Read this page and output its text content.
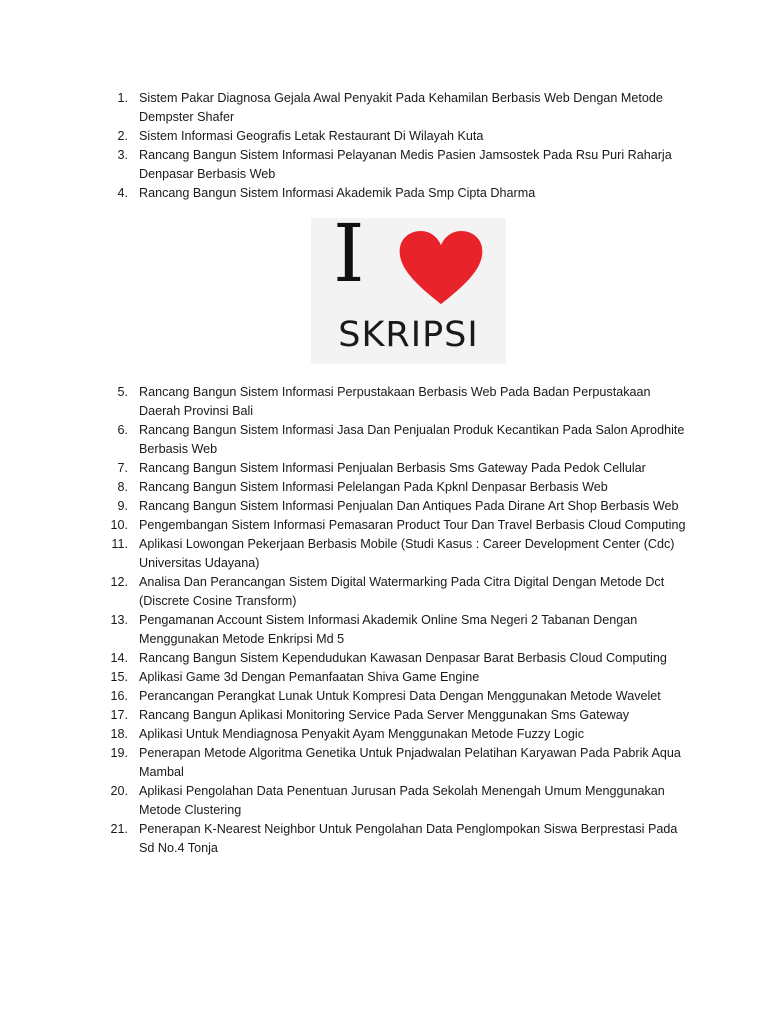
1. Sistem Pakar Diagnosa Gejala Awal Penyakit Pada Kehamilan Berbasis Web Dengan Metode Dempster Shafer
2. Sistem Informasi Geografis Letak Restaurant Di Wilayah Kuta
3. Rancang Bangun Sistem Informasi Pelayanan Medis Pasien Jamsostek Pada Rsu Puri Raharja Denpasar Berbasis Web
4. Rancang Bangun Sistem Informasi Akademik Pada Smp Cipta Dharma
I
SKRIPSI
5. Rancang Bangun Sistem Informasi Perpustakaan Berbasis Web Pada Badan Perpustakaan Daerah Provinsi Bali
6. Rancang Bangun Sistem Informasi Jasa Dan Penjualan Produk Kecantikan Pada Salon Aprodhite Berbasis Web
7. Rancang Bangun Sistem Informasi Penjualan Berbasis Sms Gateway Pada Pedok Cellular
8. Rancang Bangun Sistem Informasi Pelelangan Pada Kpknl Denpasar Berbasis Web
9. Rancang Bangun Sistem Informasi Penjualan Dan Antiques Pada Dirane Art Shop Berbasis Web
10. Pengembangan Sistem Informasi Pemasaran Product Tour Dan Travel Berbasis Cloud Computing
11. Aplikasi Lowongan Pekerjaan Berbasis Mobile (Studi Kasus : Career Development Center (Cdc) Universitas Udayana)
12. Analisa Dan Perancangan Sistem Digital Watermarking Pada Citra Digital Dengan Metode Dct (Discrete Cosine Transform)
13. Pengamanan Account Sistem Informasi Akademik Online Sma Negeri 2 Tabanan Dengan Menggunakan Metode Enkripsi Md 5
14. Rancang Bangun Sistem Kependudukan Kawasan Denpasar Barat Berbasis Cloud Computing
15. Aplikasi Game 3d Dengan Pemanfaatan Shiva Game Engine
16. Perancangan Perangkat Lunak Untuk Kompresi Data Dengan Menggunakan Metode Wavelet
17. Rancang Bangun Aplikasi Monitoring Service Pada Server Menggunakan Sms Gateway
18. Aplikasi Untuk Mendiagnosa Penyakit Ayam Menggunakan Metode Fuzzy Logic
19. Penerapan Metode Algoritma Genetika Untuk Pnjadwalan Pelatihan Karyawan Pada Pabrik Aqua Mambal
20. Aplikasi Pengolahan Data Penentuan Jurusan Pada Sekolah Menengah Umum Menggunakan Metode Clustering
21. Penerapan K-Nearest Neighbor Untuk Pengolahan Data Penglompokan Siswa Berprestasi Pada Sd No.4 Tonja
